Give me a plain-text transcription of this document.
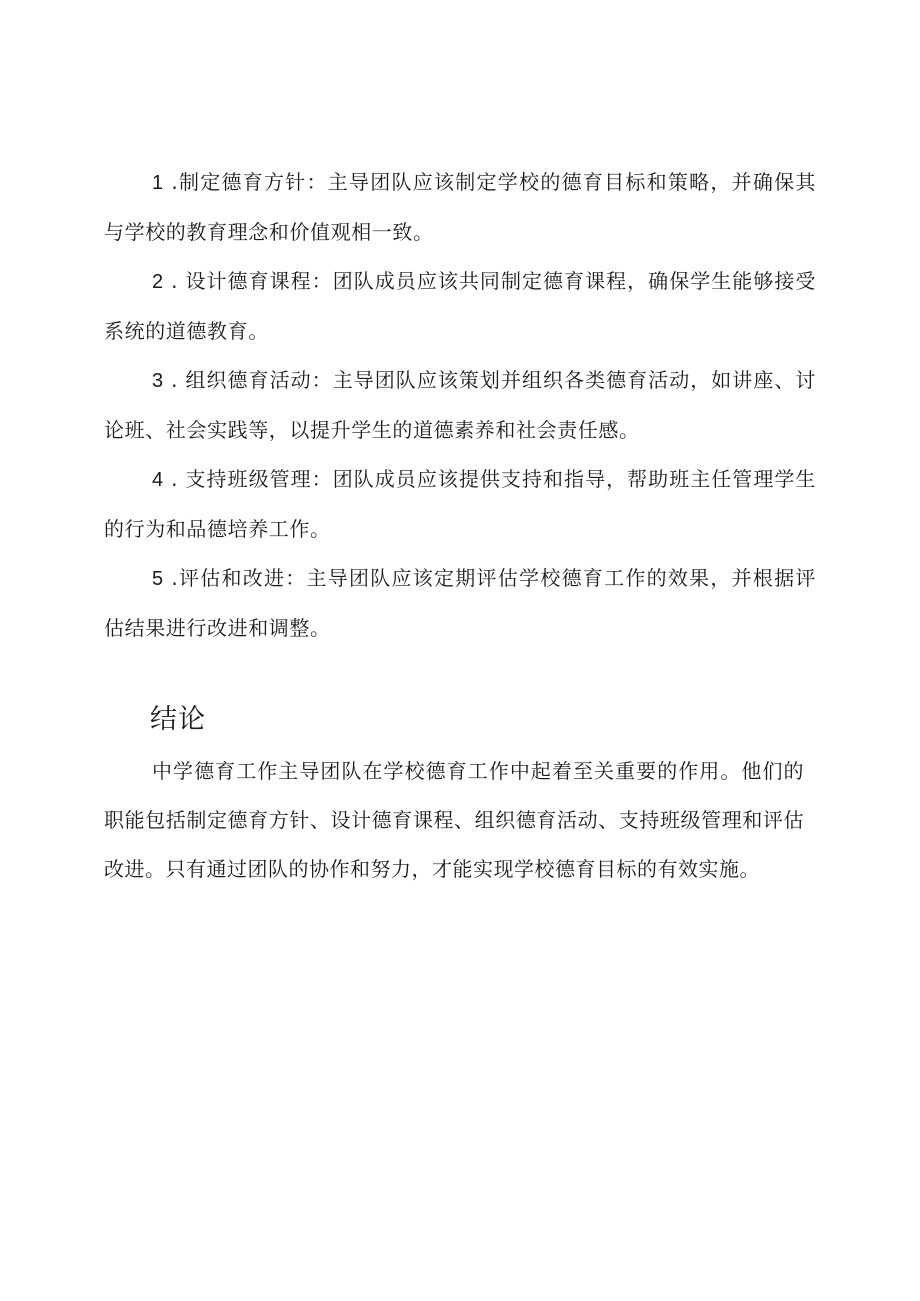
1 .制定德育方针：主导团队应该制定学校的德育目标和策略，并确保其与学校的教育理念和价值观相一致。

2 . 设计德育课程：团队成员应该共同制定德育课程，确保学生能够接受系统的道德教育。

3 . 组织德育活动：主导团队应该策划并组织各类德育活动，如讲座、讨论班、社会实践等，以提升学生的道德素养和社会责任感。

4 . 支持班级管理：团队成员应该提供支持和指导，帮助班主任管理学生的行为和品德培养工作。

5 .评估和改进：主导团队应该定期评估学校德育工作的效果，并根据评估结果进行改进和调整。

结论

中学德育工作主导团队在学校德育工作中起着至关重要的作用。他们的职能包括制定德育方针、设计德育课程、组织德育活动、支持班级管理和评估改进。只有通过团队的协作和努力，才能实现学校德育目标的有效实施。
